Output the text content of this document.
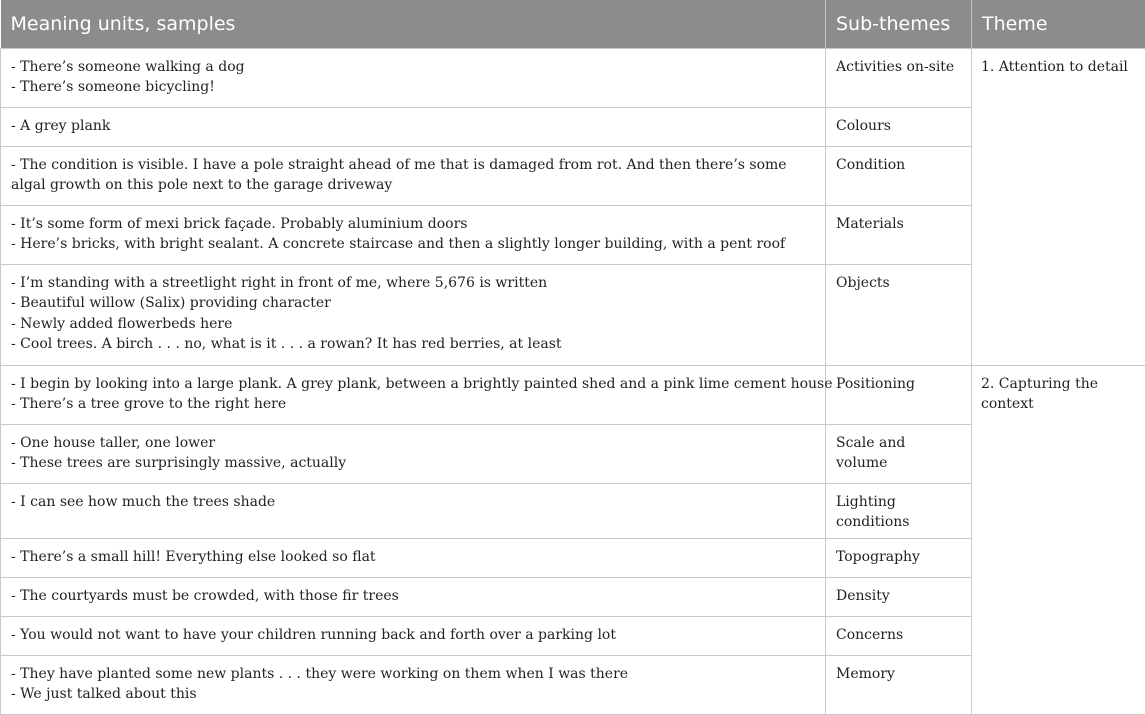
Meaning units, samples	Sub-themes	Theme

- There’s someone walking a dog
- There’s someone bicycling!	Activities on-site	1. Attention to detail

- A grey plank	Colours	

- The condition is visible. I have a pole straight ahead of me that is damaged from rot. And then there’s some algal growth on this pole next to the garage driveway	Condition	

- It’s some form of mexi brick façade. Probably aluminium doors
- Here’s bricks, with bright sealant. A concrete staircase and then a slightly longer building, with a pent roof	Materials	

- I’m standing with a streetlight right in front of me, where 5,676 is written
- Beautiful willow (Salix) providing character
- Newly added flowerbeds here
- Cool trees. A birch . . . no, what is it . . . a rowan? It has red berries, at least	Objects	

- I begin by looking into a large plank. A grey plank, between a brightly painted shed and a pink lime cement house
- There’s a tree grove to the right here	Positioning	2. Capturing the context

- One house taller, one lower
- These trees are surprisingly massive, actually	Scale and volume	

- I can see how much the trees shade	Lighting conditions	

- There’s a small hill! Everything else looked so flat	Topography	

- The courtyards must be crowded, with those fir trees	Density	

- You would not want to have your children running back and forth over a parking lot	Concerns	

- They have planted some new plants . . . they were working on them when I was there
- We just talked about this	Memory	
